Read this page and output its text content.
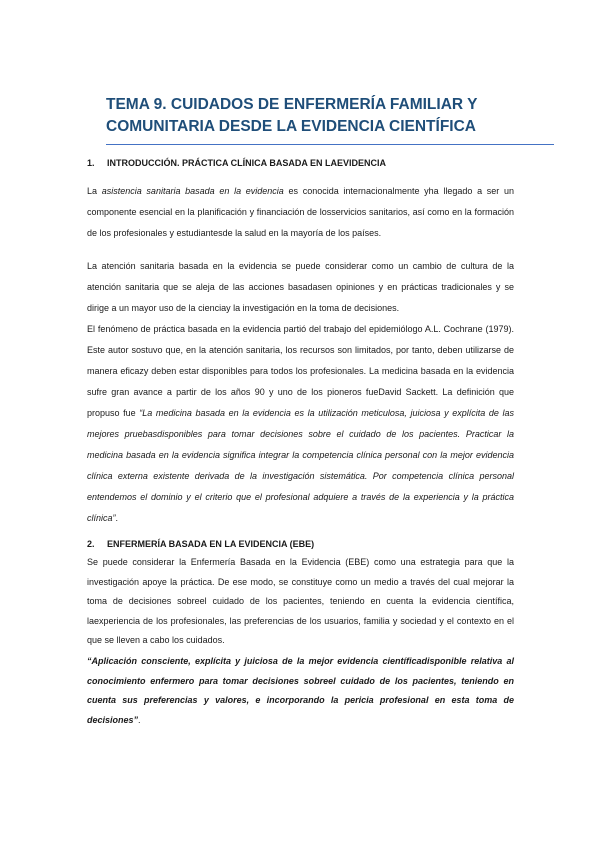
TEMA 9. CUIDADOS DE ENFERMERÍA FAMILIAR Y
COMUNITARIA DESDE LA EVIDENCIA CIENTÍFICA
1. INTRODUCCIÓN. PRÁCTICA CLÍNICA BASADA EN LAEVIDENCIA
La asistencia sanitaria basada en la evidencia es conocida internacionalmente yha llegado a ser un componente esencial en la planificación y financiación de losservicios sanitarios, así como en la formación de los profesionales y estudiantesde la salud en la mayoría de los países.
La atención sanitaria basada en la evidencia se puede considerar como un cambio de cultura de la atención sanitaria que se aleja de las acciones basadasen opiniones y en prácticas tradicionales y se dirige a un mayor uso de la cienciay la investigación en la toma de decisiones.
El fenómeno de práctica basada en la evidencia partió del trabajo del epidemiólogo A.L. Cochrane (1979). Este autor sostuvo que, en la atención sanitaria, los recursos son limitados, por tanto, deben utilizarse de manera eficazy deben estar disponibles para todos los profesionales. La medicina basada en la evidencia sufre gran avance a partir de los años 90 y uno de los pioneros fueDavid Sackett. La definición que propuso fue “La medicina basada en la evidencia es la utilización meticulosa, juiciosa y explícita de las mejores pruebasdisponibles para tomar decisiones sobre el cuidado de los pacientes. Practicar la medicina basada en la evidencia significa integrar la competencia clínica personal con la mejor evidencia clínica externa existente derivada de la investigación sistemática. Por competencia clínica personal entendemos el dominio y el criterio que el profesional adquiere a través de la experiencia y la práctica clínica”.
2. ENFERMERÍA BASADA EN LA EVIDENCIA (EBE)
Se puede considerar la Enfermería Basada en la Evidencia (EBE) como una estrategia para que la investigación apoye la práctica. De ese modo, se constituye como un medio a través del cual mejorar la toma de decisiones sobreel cuidado de los pacientes, teniendo en cuenta la evidencia científica, laexperiencia de los profesionales, las preferencias de los usuarios, familia y sociedad y el contexto en el que se lleven a cabo los cuidados.
“Aplicación consciente, explícita y juiciosa de la mejor evidencia científicadisponible relativa al conocimiento enfermero para tomar decisiones sobreel cuidado de los pacientes, teniendo en cuenta sus preferencias y valores, e incorporando la pericia profesional en esta toma de decisiones”.
